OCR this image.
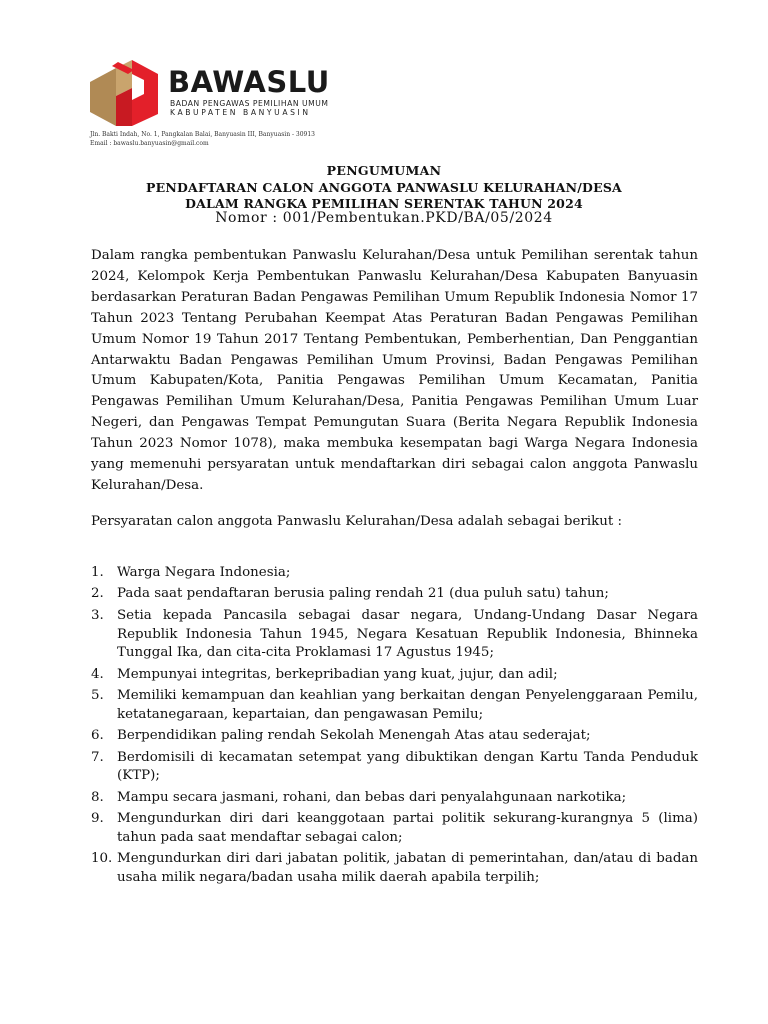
BAWASLU
BADAN PENGAWAS PEMILIHAN UMUM
KABUPATEN BANYUASIN
Jln. Bakti Indah, No. 1, Pangkalan Balai, Banyuasin III, Banyuasin - 30913
Email : bawaslu.banyuasin@gmail.com
PENGUMUMAN
PENDAFTARAN CALON ANGGOTA PANWASLU KELURAHAN/DESA
DALAM RANGKA PEMILIHAN SERENTAK TAHUN 2024
Nomor : 001/Pembentukan.PKD/BA/05/2024
Dalam rangka pembentukan Panwaslu Kelurahan/Desa untuk Pemilihan serentak tahun 2024, Kelompok Kerja Pembentukan Panwaslu Kelurahan/Desa Kabupaten Banyuasin berdasarkan Peraturan Badan Pengawas Pemilihan Umum Republik Indonesia Nomor 17 Tahun 2023 Tentang Perubahan Keempat Atas Peraturan Badan Pengawas Pemilihan Umum Nomor 19 Tahun 2017 Tentang Pembentukan, Pemberhentian, Dan Penggantian Antarwaktu Badan Pengawas Pemilihan Umum Provinsi, Badan Pengawas Pemilihan Umum Kabupaten/Kota, Panitia Pengawas Pemilihan Umum Kecamatan, Panitia Pengawas Pemilihan Umum Kelurahan/Desa, Panitia Pengawas Pemilihan Umum Luar Negeri, dan Pengawas Tempat Pemungutan Suara (Berita Negara Republik Indonesia Tahun 2023 Nomor 1078), maka membuka kesempatan bagi Warga Negara Indonesia yang memenuhi persyaratan untuk mendaftarkan diri sebagai calon anggota Panwaslu Kelurahan/Desa.
Persyaratan calon anggota Panwaslu Kelurahan/Desa adalah sebagai berikut :
1. Warga Negara Indonesia;
2. Pada saat pendaftaran berusia paling rendah 21 (dua puluh satu) tahun;
3. Setia kepada Pancasila sebagai dasar negara, Undang-Undang Dasar Negara Republik Indonesia Tahun 1945, Negara Kesatuan Republik Indonesia, Bhinneka Tunggal Ika, dan cita-cita Proklamasi 17 Agustus 1945;
4. Mempunyai integritas, berkepribadian yang kuat, jujur, dan adil;
5. Memiliki kemampuan dan keahlian yang berkaitan dengan Penyelenggaraan Pemilu, ketatanegaraan, kepartaian, dan pengawasan Pemilu;
6. Berpendidikan paling rendah Sekolah Menengah Atas atau sederajat;
7. Berdomisili di kecamatan setempat yang dibuktikan dengan Kartu Tanda Penduduk (KTP);
8. Mampu secara jasmani, rohani, dan bebas dari penyalahgunaan narkotika;
9. Mengundurkan diri dari keanggotaan partai politik sekurang-kurangnya 5 (lima) tahun pada saat mendaftar sebagai calon;
10. Mengundurkan diri dari jabatan politik, jabatan di pemerintahan, dan/atau di badan usaha milik negara/badan usaha milik daerah apabila terpilih;
